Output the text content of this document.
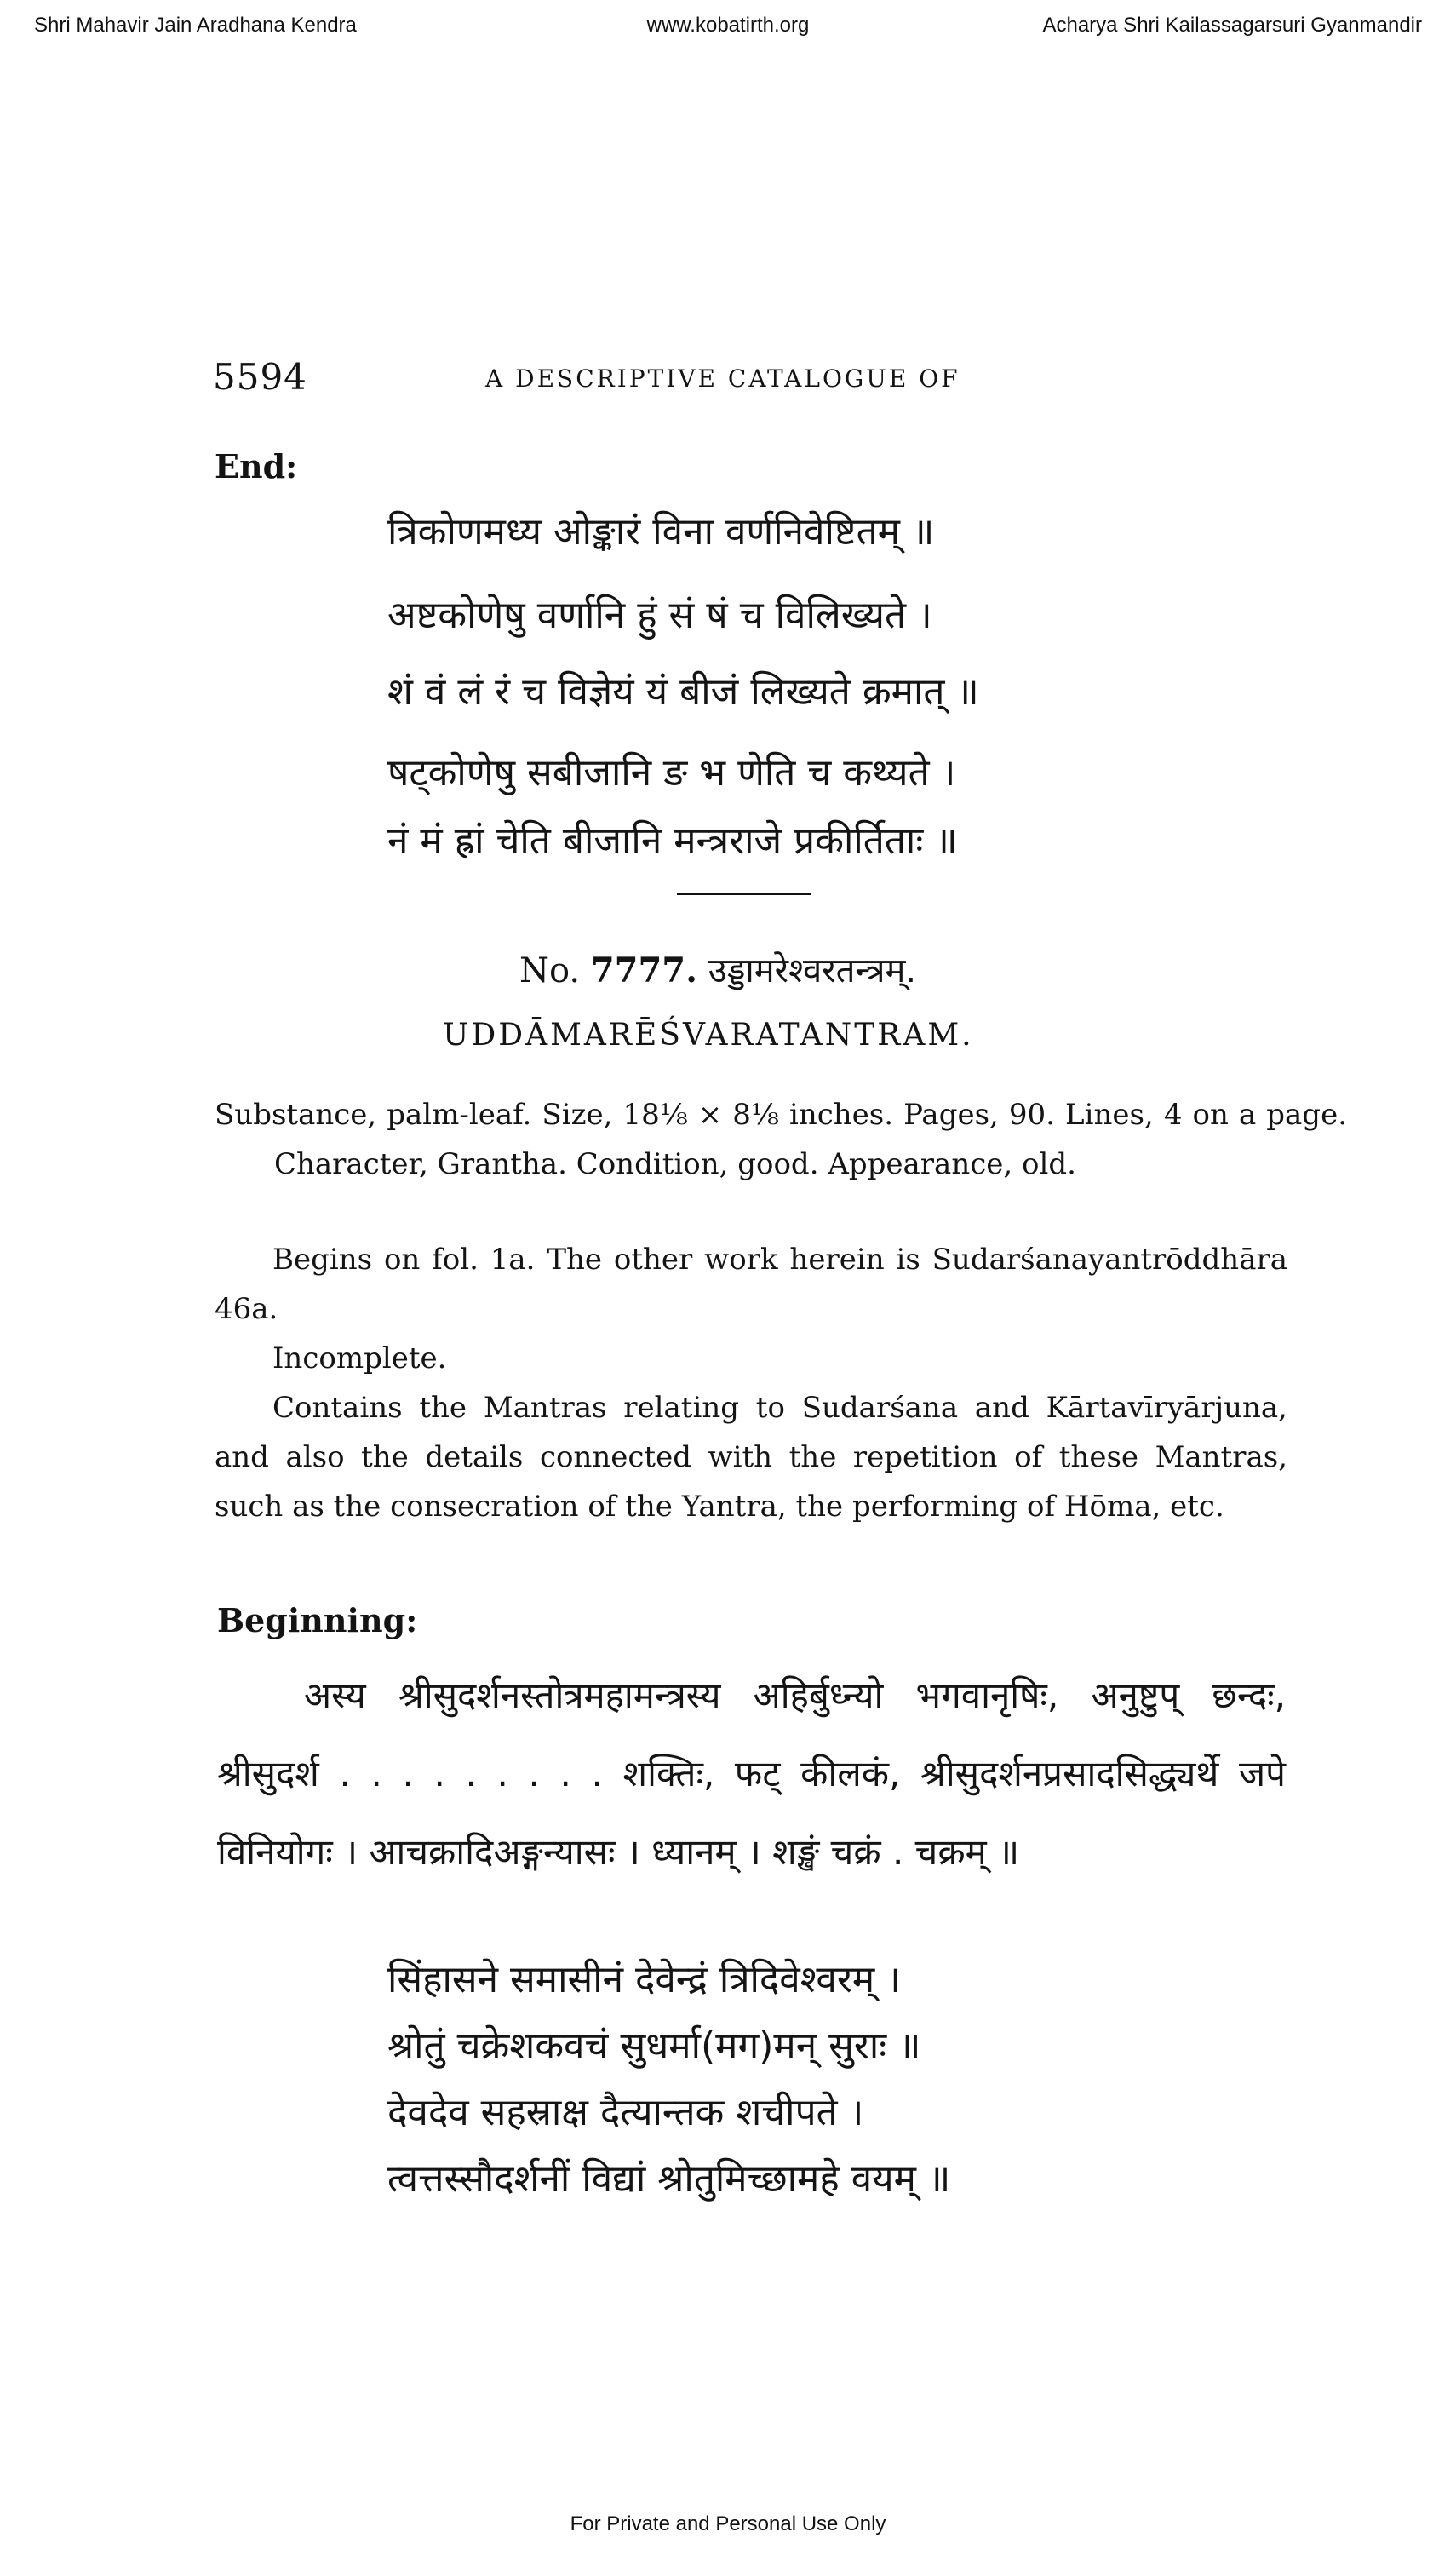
Shri Mahavir Jain Aradhana Kendra	www.kobatirth.org	Acharya Shri Kailassagarsuri Gyanmandir
5594	A DESCRIPTIVE CATALOGUE OF
End:

त्रिकोणमध्य ओङ्कारं विना वर्णनिवेष्टितम् ॥

अष्टकोणेषु वर्णानि हुं सं षं च विलिख्यते ।

शं वं लं रं च विज्ञेयं यं बीजं लिख्यते क्रमात् ॥

षट्कोणेषु सबीजानि ङ भ णेति च कथ्यते ।

नं मं ह्रां चेति बीजानि मन्त्रराजे प्रकीर्तिताः ॥

No. 7777. उड्डामरेश्वरतन्त्रम्.
UDDĀMARĒŚVARATANTRAM.

Substance, palm-leaf. Size, 18⅛ × 8⅛ inches. Pages, 90. Lines, 4 on a page. Character, Grantha. Condition, good. Appearance, old.

Begins on fol. 1a. The other work herein is Sudarśanayantrōddhāra 46a.

Incomplete.

Contains the Mantras relating to Sudarśana and Kārtavīryārjuna, and also the details connected with the repetition of these Mantras, such as the consecration of the Yantra, the performing of Hōma, etc.

Beginning:

अस्य श्रीसुदर्शनस्तोत्रमहामन्त्रस्य अहिर्बुध्न्यो भगवानृषिः, अनुष्टुप् छन्दः, श्रीसुदर्श . . . . . . . . . शक्तिः, फट् कीलकं, श्रीसुदर्शनप्रसादसिद्ध्यर्थे जपे विनियोगः । आचक्रादिअङ्गन्यासः । ध्यानम् । शङ्खं चक्रं . चक्रम् ॥

सिंहासने समासीनं देवेन्द्रं त्रिदिवेश्वरम् ।

श्रोतुं चक्रेशकवचं सुधर्मा(मग)मन् सुराः ॥

देवदेव सहस्राक्ष दैत्यान्तक शचीपते ।

त्वत्तस्सौदर्शनीं विद्यां श्रोतुमिच्छामहे वयम् ॥

For Private and Personal Use Only
